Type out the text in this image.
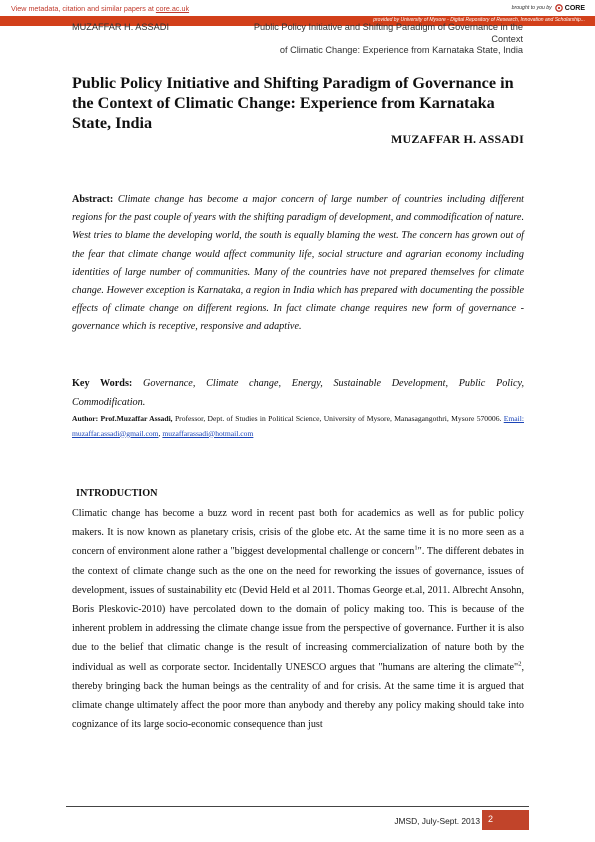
View metadata, citation and similar papers at core.ac.uk	brought to you by CORE
provided by University of Mysore - Digital Repository of Research, Innovation and Scholarship...
MUZAFFAR H. ASSADI	Public Policy Initiative and Shifting Paradigm of Governance in the Context
of Climatic Change: Experience from Karnataka State, India
Public Policy Initiative and Shifting Paradigm of Governance in the Context of Climatic Change: Experience from Karnataka State, India
MUZAFFAR H. ASSADI

Abstract: Climate change has become a major concern of large number of countries including different regions for the past couple of years with the shifting paradigm of development, and commodification of nature. West tries to blame the developing world, the south is equally blaming the west. The concern has grown out of the fear that climate change would affect community life, social structure and agrarian economy including identities of large number of communities. Many of the countries have not prepared themselves for climate change. However exception is Karnataka, a region in India which has prepared with documenting the possible effects of climate change on different regions. In fact climate change requires new form of governance - governance which is receptive, responsive and adaptive.

Key Words: Governance, Climate change, Energy, Sustainable Development, Public Policy, Commodification.

Author: Prof.Muzaffar Assadi, Professor, Dept. of Studies in Political Science, University of Mysore, Manasagangothri, Mysore 570006. Email: muzaffar.assadi@gmail.com, muzaffarassadi@hotmail.com

INTRODUCTION

Climatic change has become a buzz word in recent past both for academics as well as for public policy makers. It is now known as planetary crisis, crisis of the globe etc. At the same time it is no more seen as a concern of environment alone rather a "biggest developmental challenge or concern$^1$". The different debates in the context of climate change such as the one on the need for reworking the issues of governance, issues of development, issues of sustainability etc (Devid Held et al 2011. Thomas George et.al, 2011. Albrecht Ansohn, Boris Pleskovic-2010) have percolated down to the domain of policy making too. This is because of the inherent problem in addressing the climate change issue from the perspective of governance. Further it is also due to the belief that climatic change is the result of increasing commercialization of nature both by the individual as well as corporate sector. Incidentally UNESCO argues that "humans are altering the climate"$^2$, thereby bringing back the human beings as the centrality of and for crisis. At the same time it is argued that climate change ultimately affect the poor more than anybody and thereby any policy making should take into cognizance of its large socio-economic consequence than just

JMSD, July-Sept. 2013 2
